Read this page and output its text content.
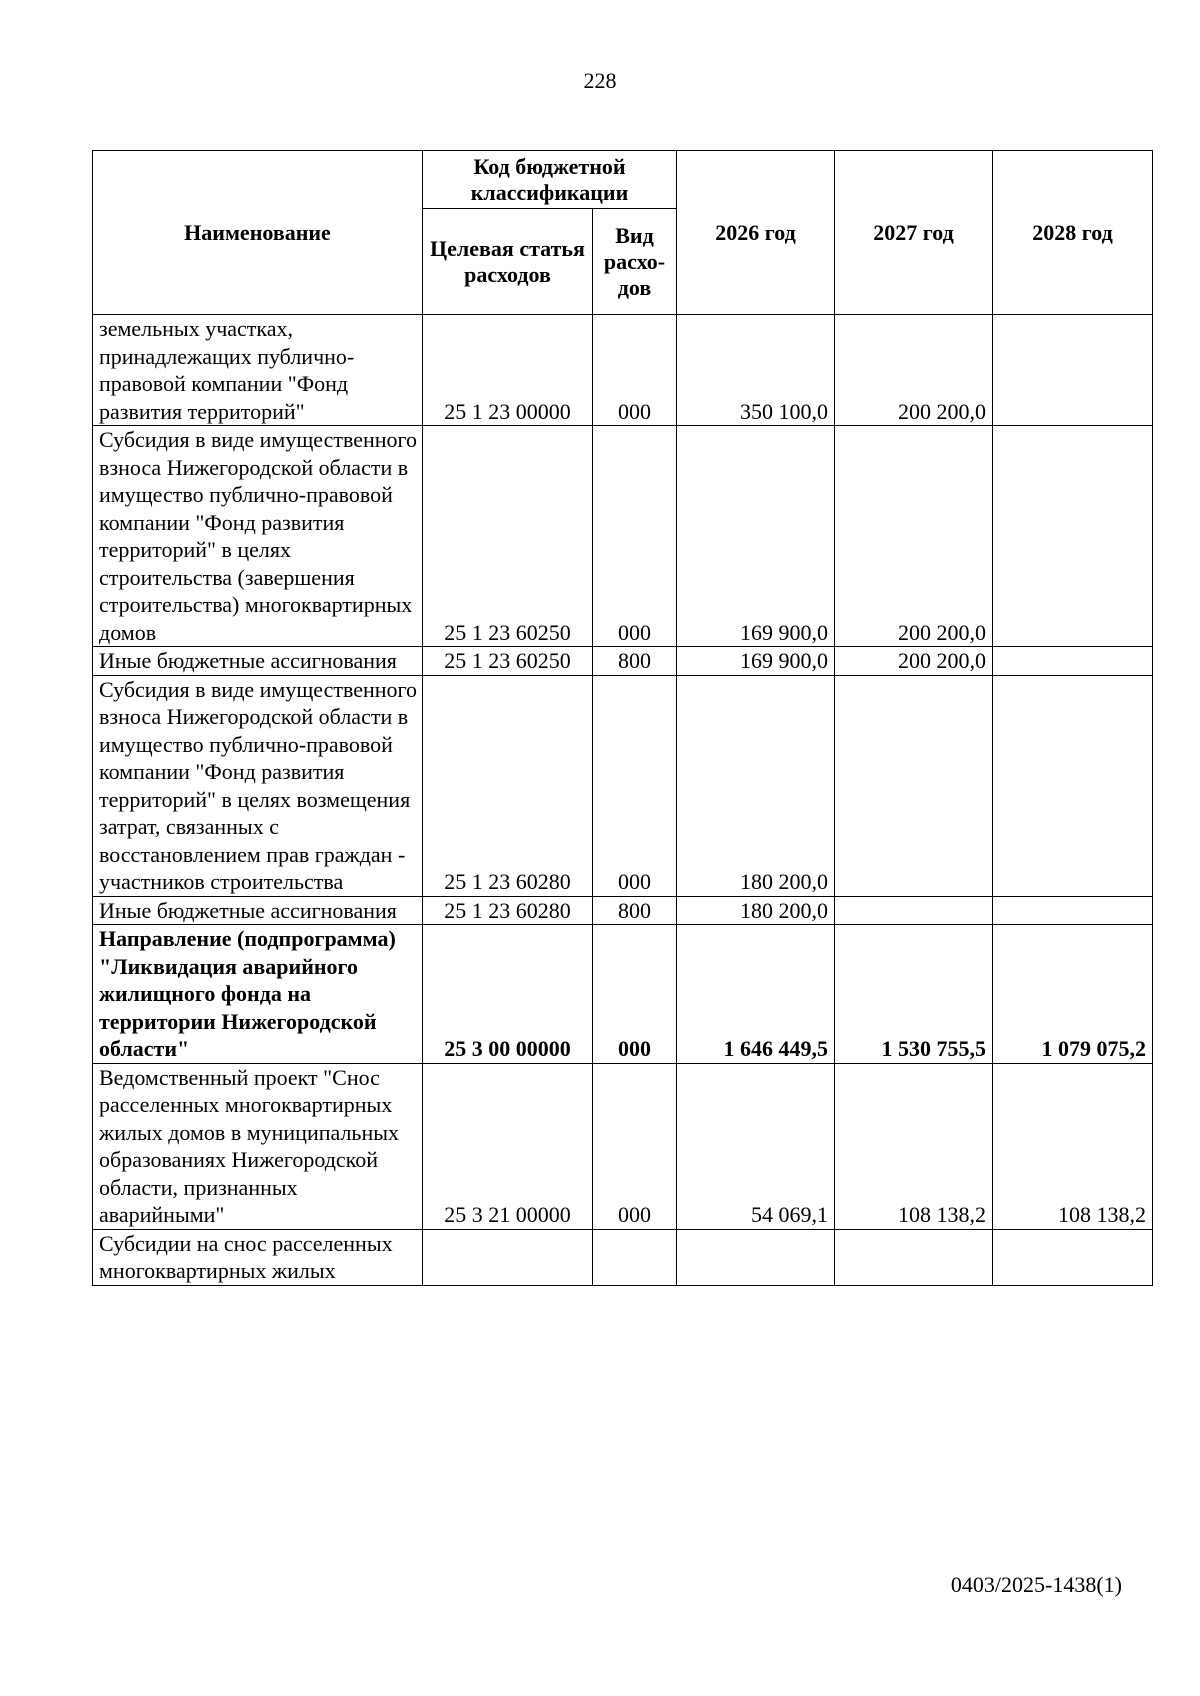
228
Наименование	Код бюджетной классификации		2026 год	2027 год	2028 год
	Целевая статья расходов	Вид расхо-дов			
земельных участках, принадлежащих публично-правовой компании "Фонд развития территорий"	25 1 23 00000	000	350 100,0	200 200,0	
Субсидия в виде имущественного взноса Нижегородской области в имущество публично-правовой компании "Фонд развития территорий" в целях строительства (завершения строительства) многоквартирных домов	25 1 23 60250	000	169 900,0	200 200,0	
Иные бюджетные ассигнования	25 1 23 60250	800	169 900,0	200 200,0	
Субсидия в виде имущественного взноса Нижегородской области в имущество публично-правовой компании "Фонд развития территорий" в целях возмещения затрат, связанных с восстановлением прав граждан - участников строительства	25 1 23 60280	000	180 200,0		
Иные бюджетные ассигнования	25 1 23 60280	800	180 200,0		
Направление (подпрограмма) "Ликвидация аварийного жилищного фонда на территории Нижегородской области"	25 3 00 00000	000	1 646 449,5	1 530 755,5	1 079 075,2
Ведомственный проект "Снос расселенных многоквартирных жилых домов в муниципальных образованиях Нижегородской области, признанных аварийными"	25 3 21 00000	000	54 069,1	108 138,2	108 138,2
Субсидии на снос расселенных многоквартирных жилых					
0403/2025-1438(1)
